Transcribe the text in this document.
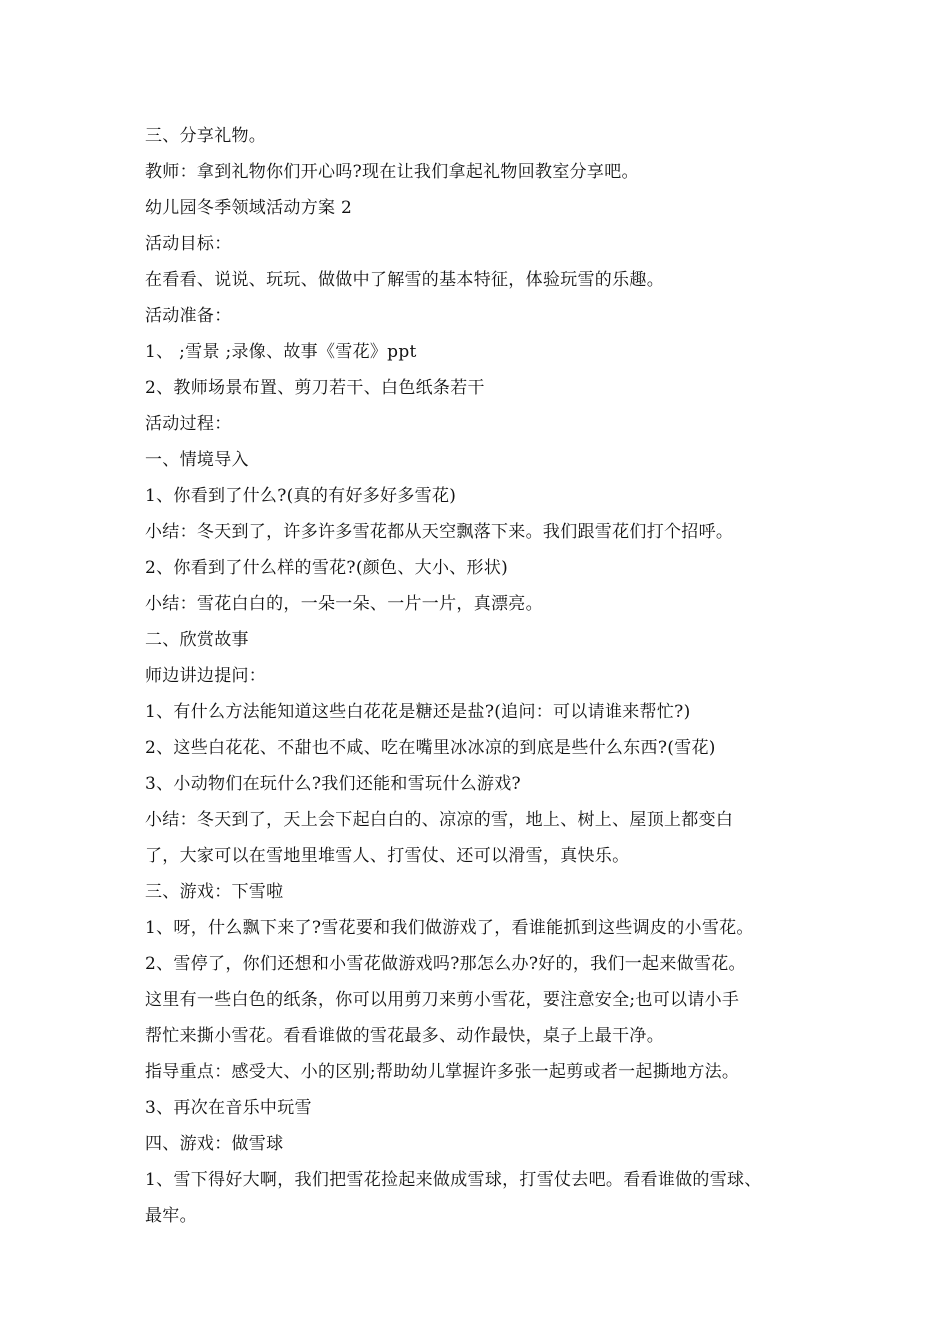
三、分享礼物。
教师：拿到礼物你们开心吗?现在让我们拿起礼物回教室分享吧。
幼儿园冬季领域活动方案 2
活动目标：
在看看、说说、玩玩、做做中了解雪的基本特征，体验玩雪的乐趣。
活动准备：
1、 ;雪景 ;录像、故事《雪花》ppt
2、教师场景布置、剪刀若干、白色纸条若干
活动过程：
一、情境导入
1、你看到了什么?(真的有好多好多雪花)
小结：冬天到了，许多许多雪花都从天空飘落下来。我们跟雪花们打个招呼。
2、你看到了什么样的雪花?(颜色、大小、形状)
小结：雪花白白的，一朵一朵、一片一片，真漂亮。
二、欣赏故事
师边讲边提问：
1、有什么方法能知道这些白花花是糖还是盐?(追问：可以请谁来帮忙?)
2、这些白花花、不甜也不咸、吃在嘴里冰冰凉的到底是些什么东西?(雪花)
3、小动物们在玩什么?我们还能和雪玩什么游戏?
小结：冬天到了，天上会下起白白的、凉凉的雪，地上、树上、屋顶上都变白
了，大家可以在雪地里堆雪人、打雪仗、还可以滑雪，真快乐。
三、游戏：下雪啦
1、呀，什么飘下来了?雪花要和我们做游戏了，看谁能抓到这些调皮的小雪花。
2、雪停了，你们还想和小雪花做游戏吗?那怎么办?好的，我们一起来做雪花。
这里有一些白色的纸条，你可以用剪刀来剪小雪花，要注意安全;也可以请小手
帮忙来撕小雪花。看看谁做的雪花最多、动作最快，桌子上最干净。
指导重点：感受大、小的区别;帮助幼儿掌握许多张一起剪或者一起撕地方法。
3、再次在音乐中玩雪
四、游戏：做雪球
1、雪下得好大啊，我们把雪花捡起来做成雪球，打雪仗去吧。看看谁做的雪球、
最牢。
